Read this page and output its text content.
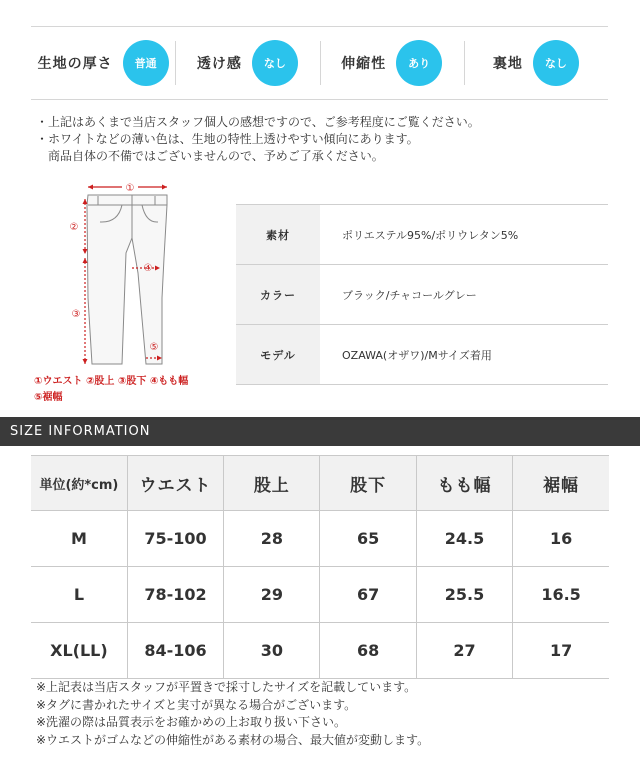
生地の厚さ	普通	透け感	なし	伸縮性	あり	裏地	なし
・上記はあくまで当店スタッフ個人の感想ですので、ご参考程度にご覧ください。
・ホワイトなどの薄い色は、生地の特性上透けやすい傾向にあります。
商品自体の不備ではございませんので、予めご了承ください。
①
②
③
④
⑤
①ウエスト ②股上 ③股下 ④もも幅
⑤裾幅
素材	ポリエステル95%/ポリウレタン5%
カラー	ブラック/チャコールグレー
モデル	OZAWA(オザワ)/Mサイズ着用
SIZE INFORMATION
単位(約*cm)	ウエスト	股上	股下	もも幅	裾幅
M	75-100	28	65	24.5	16
L	78-102	29	67	25.5	16.5
XL(LL)	84-106	30	68	27	17
※上記表は当店スタッフが平置きで採寸したサイズを記載しています。
※タグに書かれたサイズと実寸が異なる場合がございます。
※洗濯の際は品質表示をお確かめの上お取り扱い下さい。
※ウエストがゴムなどの伸縮性がある素材の場合、最大値が変動します。
